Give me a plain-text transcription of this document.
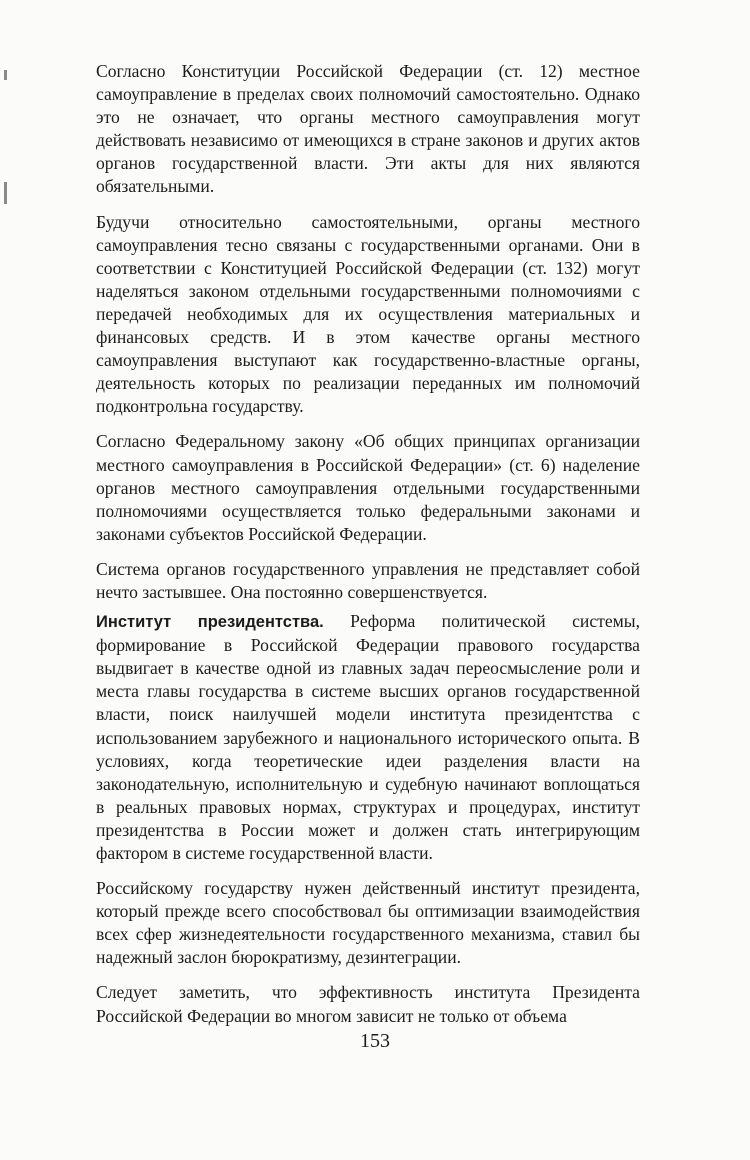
Согласно Конституции Российской Федерации (ст. 12) местное самоуправление в пределах своих полномочий самостоятельно. Однако это не означает, что органы местного самоуправления могут действовать независимо от имеющихся в стране законов и других актов органов государственной власти. Эти акты для них являются обязательными.

Будучи относительно самостоятельными, органы местного самоуправления тесно связаны с государственными органами. Они в соответствии с Конституцией Российской Федерации (ст. 132) могут наделяться законом отдельными государственными полномочиями с передачей необходимых для их осуществления материальных и финансовых средств. И в этом качестве органы местного самоуправления выступают как государственно-властные органы, деятельность которых по реализации переданных им полномочий подконтрольна государству.

Согласно Федеральному закону «Об общих принципах организации местного самоуправления в Российской Федерации» (ст. 6) наделение органов местного самоуправления отдельными государственными полномочиями осуществляется только федеральными законами и законами субъектов Российской Федерации.

Система органов государственного управления не представляет собой нечто застывшее. Она постоянно совершенствуется.

Институт президентства. Реформа политической системы, формирование в Российской Федерации правового государства выдвигает в качестве одной из главных задач переосмысление роли и места главы государства в системе высших органов государственной власти, поиск наилучшей модели института президентства с использованием зарубежного и национального исторического опыта. В условиях, когда теоретические идеи разделения власти на законодательную, исполнительную и судебную начинают воплощаться в реальных правовых нормах, структурах и процедурах, институт президентства в России может и должен стать интегрирующим фактором в системе государственной власти.

Российскому государству нужен действенный институт президента, который прежде всего способствовал бы оптимизации взаимодействия всех сфер жизнедеятельности государственного механизма, ставил бы надежный заслон бюрократизму, дезинтеграции.

Следует заметить, что эффективность института Президента Российской Федерации во многом зависит не только от объема

153
